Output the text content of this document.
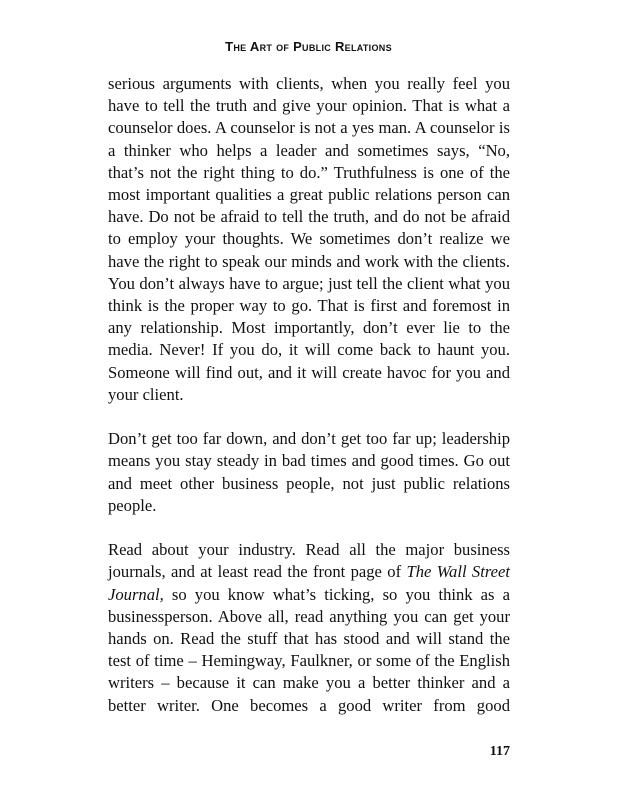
The Art of Public Relations

serious arguments with clients, when you really feel you have to tell the truth and give your opinion. That is what a counselor does. A counselor is not a yes man. A counselor is a thinker who helps a leader and sometimes says, “No, that’s not the right thing to do.” Truthfulness is one of the most important qualities a great public relations person can have. Do not be afraid to tell the truth, and do not be afraid to employ your thoughts. We sometimes don’t realize we have the right to speak our minds and work with the clients. You don’t always have to argue; just tell the client what you think is the proper way to go. That is first and foremost in any relationship. Most importantly, don’t ever lie to the media. Never! If you do, it will come back to haunt you. Someone will find out, and it will create havoc for you and your client.

Don’t get too far down, and don’t get too far up; leadership means you stay steady in bad times and good times. Go out and meet other business people, not just public relations people.

Read about your industry. Read all the major business journals, and at least read the front page of The Wall Street Journal, so you know what’s ticking, so you think as a businessperson. Above all, read anything you can get your hands on. Read the stuff that has stood and will stand the test of time – Hemingway, Faulkner, or some of the English writers – because it can make you a better thinker and a better writer. One becomes a good writer from good

117
